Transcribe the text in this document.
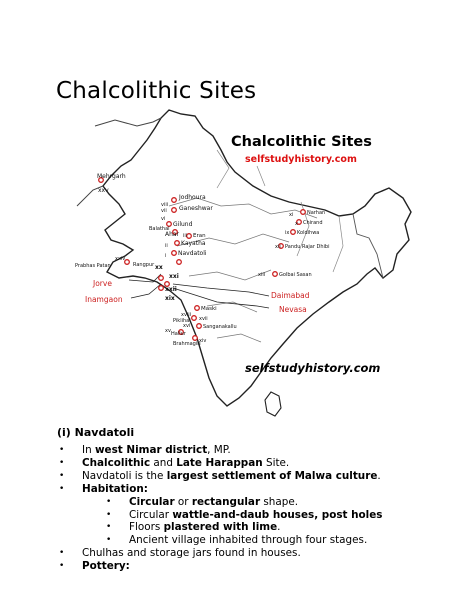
Chalcolithic Sites
Chalcolithic Sites
selfstudyhistory.com
selfstudyhistory.com
Mehrgarh
xxv
Jodhoura
viii
vii Ganeshwar
vi
Gilund
Balathal
Ahar iii Eran
Kayatha
ii
Navdatoli
i
Prabhas Patan
xxiv
Rangpur xx
xxi
xxii
xix
Jorve
Inamgaon
Maski
xviii
Piklihal xvii
xvi	Sanganakallu
xv Hallur
Brahmagiri
xiv
Narhan
xi
Chirand
x
Koldihwa
ix
Pandu Rajar Dhibi
xii
Golbai Sasan
xiii
Daimabad
Nevasa
(i) Navdatoli
• In west Nimar district, MP.
• Chalcolithic and Late Harappan Site.
• Navdatoli is the largest settlement of Malwa culture.
• Habitation:
• Circular or rectangular shape.
• Circular wattle-and-daub houses, post holes
• Floors plastered with lime.
• Ancient village inhabited through four stages.
• Chulhas and storage jars found in houses.
• Pottery:
